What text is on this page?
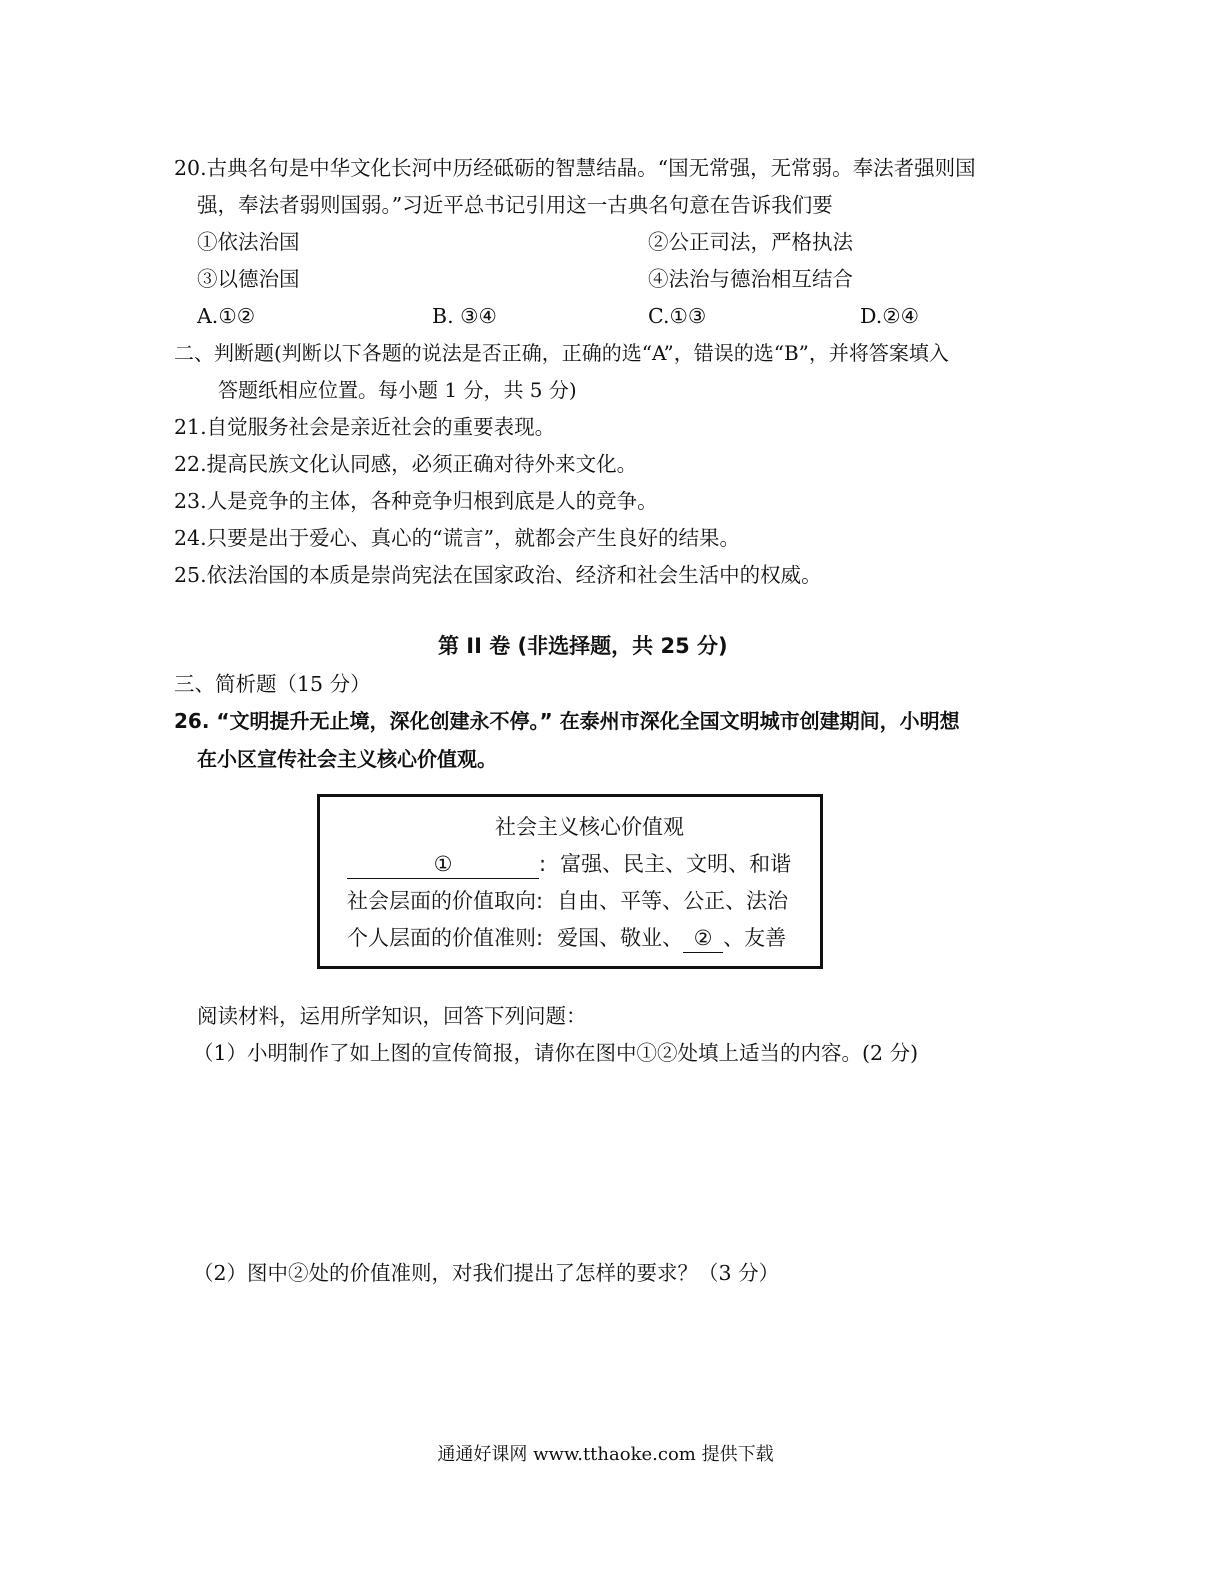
20.古典名句是中华文化长河中历经砥砺的智慧结晶。“国无常强，无常弱。奉法者强则国
强，奉法者弱则国弱。”习近平总书记引用这一古典名句意在告诉我们要
①依法治国	②公正司法，严格执法
③以德治国	④法治与德治相互结合
A.①②	B. ③④	C.①③	D.②④
二、判断题(判断以下各题的说法是否正确，正确的选“A”，错误的选“B”，并将答案填入
答题纸相应位置。每小题 1 分，共 5 分)
21.自觉服务社会是亲近社会的重要表现。
22.提高民族文化认同感，必须正确对待外来文化。
23.人是竞争的主体，各种竞争归根到底是人的竞争。
24.只要是出于爱心、真心的“谎言”，就都会产生良好的结果。
25.依法治国的本质是崇尚宪法在国家政治、经济和社会生活中的权威。
第 II 卷 (非选择题，共 25 分)
三、简析题（15 分）
26. “文明提升无止境，深化创建永不停。” 在泰州市深化全国文明城市创建期间，小明想
在小区宣传社会主义核心价值观。
社会主义核心价值观
①	: 富强、民主、文明、和谐
社会层面的价值取向: 自由、平等、公正、法治
个人层面的价值准则: 爱国、敬业、 ② 、友善
阅读材料，运用所学知识，回答下列问题：
（1）小明制作了如上图的宣传简报，请你在图中①②处填上适当的内容。(2 分)
（2）图中②处的价值准则，对我们提出了怎样的要求？（3 分）
通通好课网 www.tthaoke.com 提供下载
